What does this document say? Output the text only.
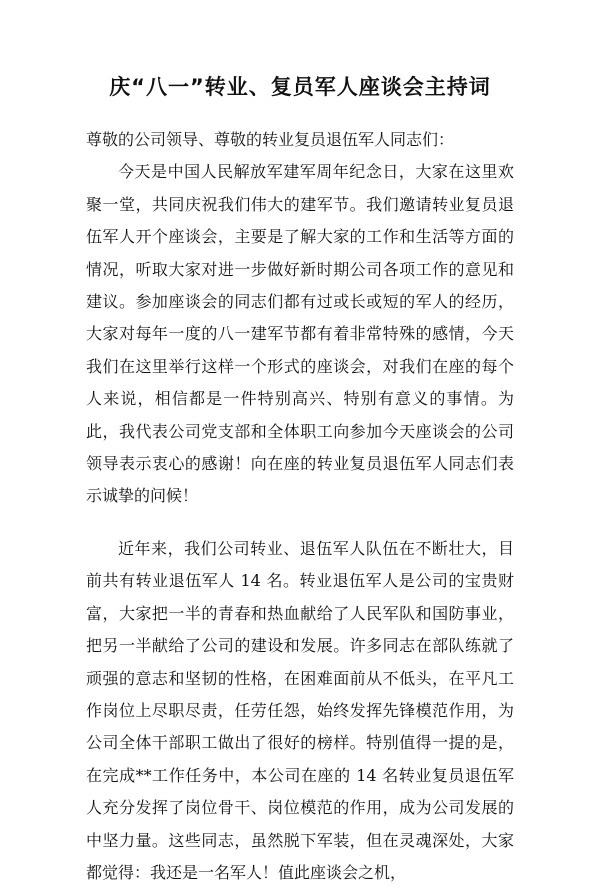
庆“八一”转业、复员军人座谈会主持词

尊敬的公司领导、尊敬的转业复员退伍军人同志们：

今天是中国人民解放军建军周年纪念日，大家在这里欢聚一堂，共同庆祝我们伟大的建军节。我们邀请转业复员退伍军人开个座谈会，主要是了解大家的工作和生活等方面的情况，听取大家对进一步做好新时期公司各项工作的意见和建议。参加座谈会的同志们都有过或长或短的军人的经历，大家对每年一度的八一建军节都有着非常特殊的感情，今天我们在这里举行这样一个形式的座谈会，对我们在座的每个人来说，相信都是一件特别高兴、特别有意义的事情。为此，我代表公司党支部和全体职工向参加今天座谈会的公司领导表示衷心的感谢！向在座的转业复员退伍军人同志们表示诚挚的问候！

近年来，我们公司转业、退伍军人队伍在不断壮大，目前共有转业退伍军人 14 名。转业退伍军人是公司的宝贵财富，大家把一半的青春和热血献给了人民军队和国防事业，把另一半献给了公司的建设和发展。许多同志在部队练就了顽强的意志和坚韧的性格，在困难面前从不低头，在平凡工作岗位上尽职尽责，任劳任怨，始终发挥先锋模范作用，为公司全体干部职工做出了很好的榜样。特别值得一提的是，在完成**工作任务中，本公司在座的 14 名转业复员退伍军人充分发挥了岗位骨干、岗位模范的作用，成为公司发展的中坚力量。这些同志，虽然脱下军装，但在灵魂深处，大家都觉得：我还是一名军人！值此座谈会之机，
